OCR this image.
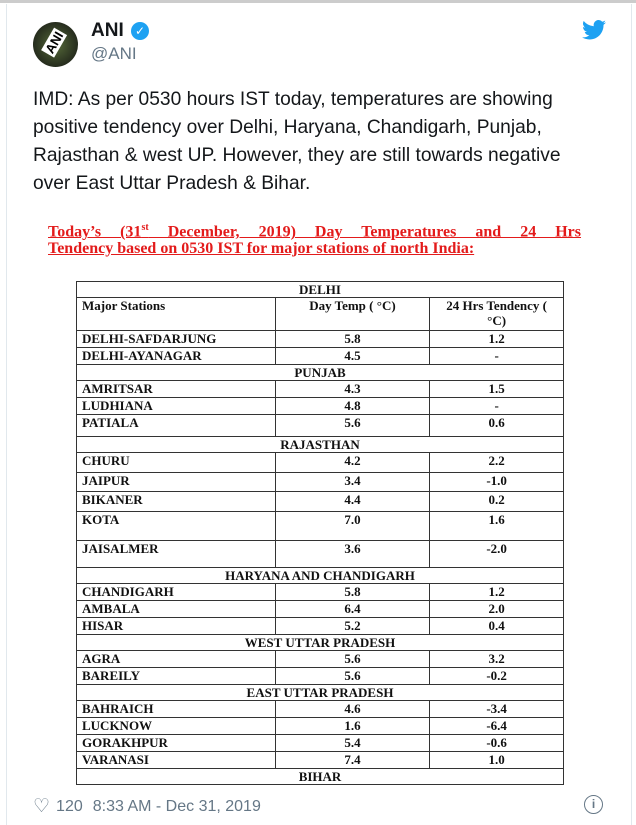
ANI ANI ✓
@ANI
IMD: As per 0530 hours IST today, temperatures are showing positive tendency over Delhi, Haryana, Chandigarh, Punjab, Rajasthan & west UP. However, they are still towards negative over East Uttar Pradesh & Bihar.
Today’s (31st December, 2019) Day Temperatures and 24 Hrs
Tendency based on 0530 IST for major stations of north India:
DELHI		
Major Stations	Day Temp ( °C)	24 Hrs Tendency ( °C)
DELHI-SAFDARJUNG	5.8	1.2
DELHI-AYANAGAR	4.5	-
PUNJAB		
AMRITSAR	4.3	1.5
LUDHIANA	4.8	-
PATIALA	5.6	0.6
RAJASTHAN		
CHURU	4.2	2.2
JAIPUR	3.4	-1.0
BIKANER	4.4	0.2
KOTA	7.0	1.6
JAISALMER	3.6	-2.0
HARYANA AND CHANDIGARH		
CHANDIGARH	5.8	1.2
AMBALA	6.4	2.0
HISAR	5.2	0.4
WEST UTTAR PRADESH		
AGRA	5.6	3.2
BAREILY	5.6	-0.2
EAST UTTAR PRADESH		
BAHRAICH	4.6	-3.4
LUCKNOW	1.6	-6.4
GORAKHPUR	5.4	-0.6
VARANASI	7.4	1.0
BIHAR		
♡ 120 8:33 AM - Dec 31, 2019	i
